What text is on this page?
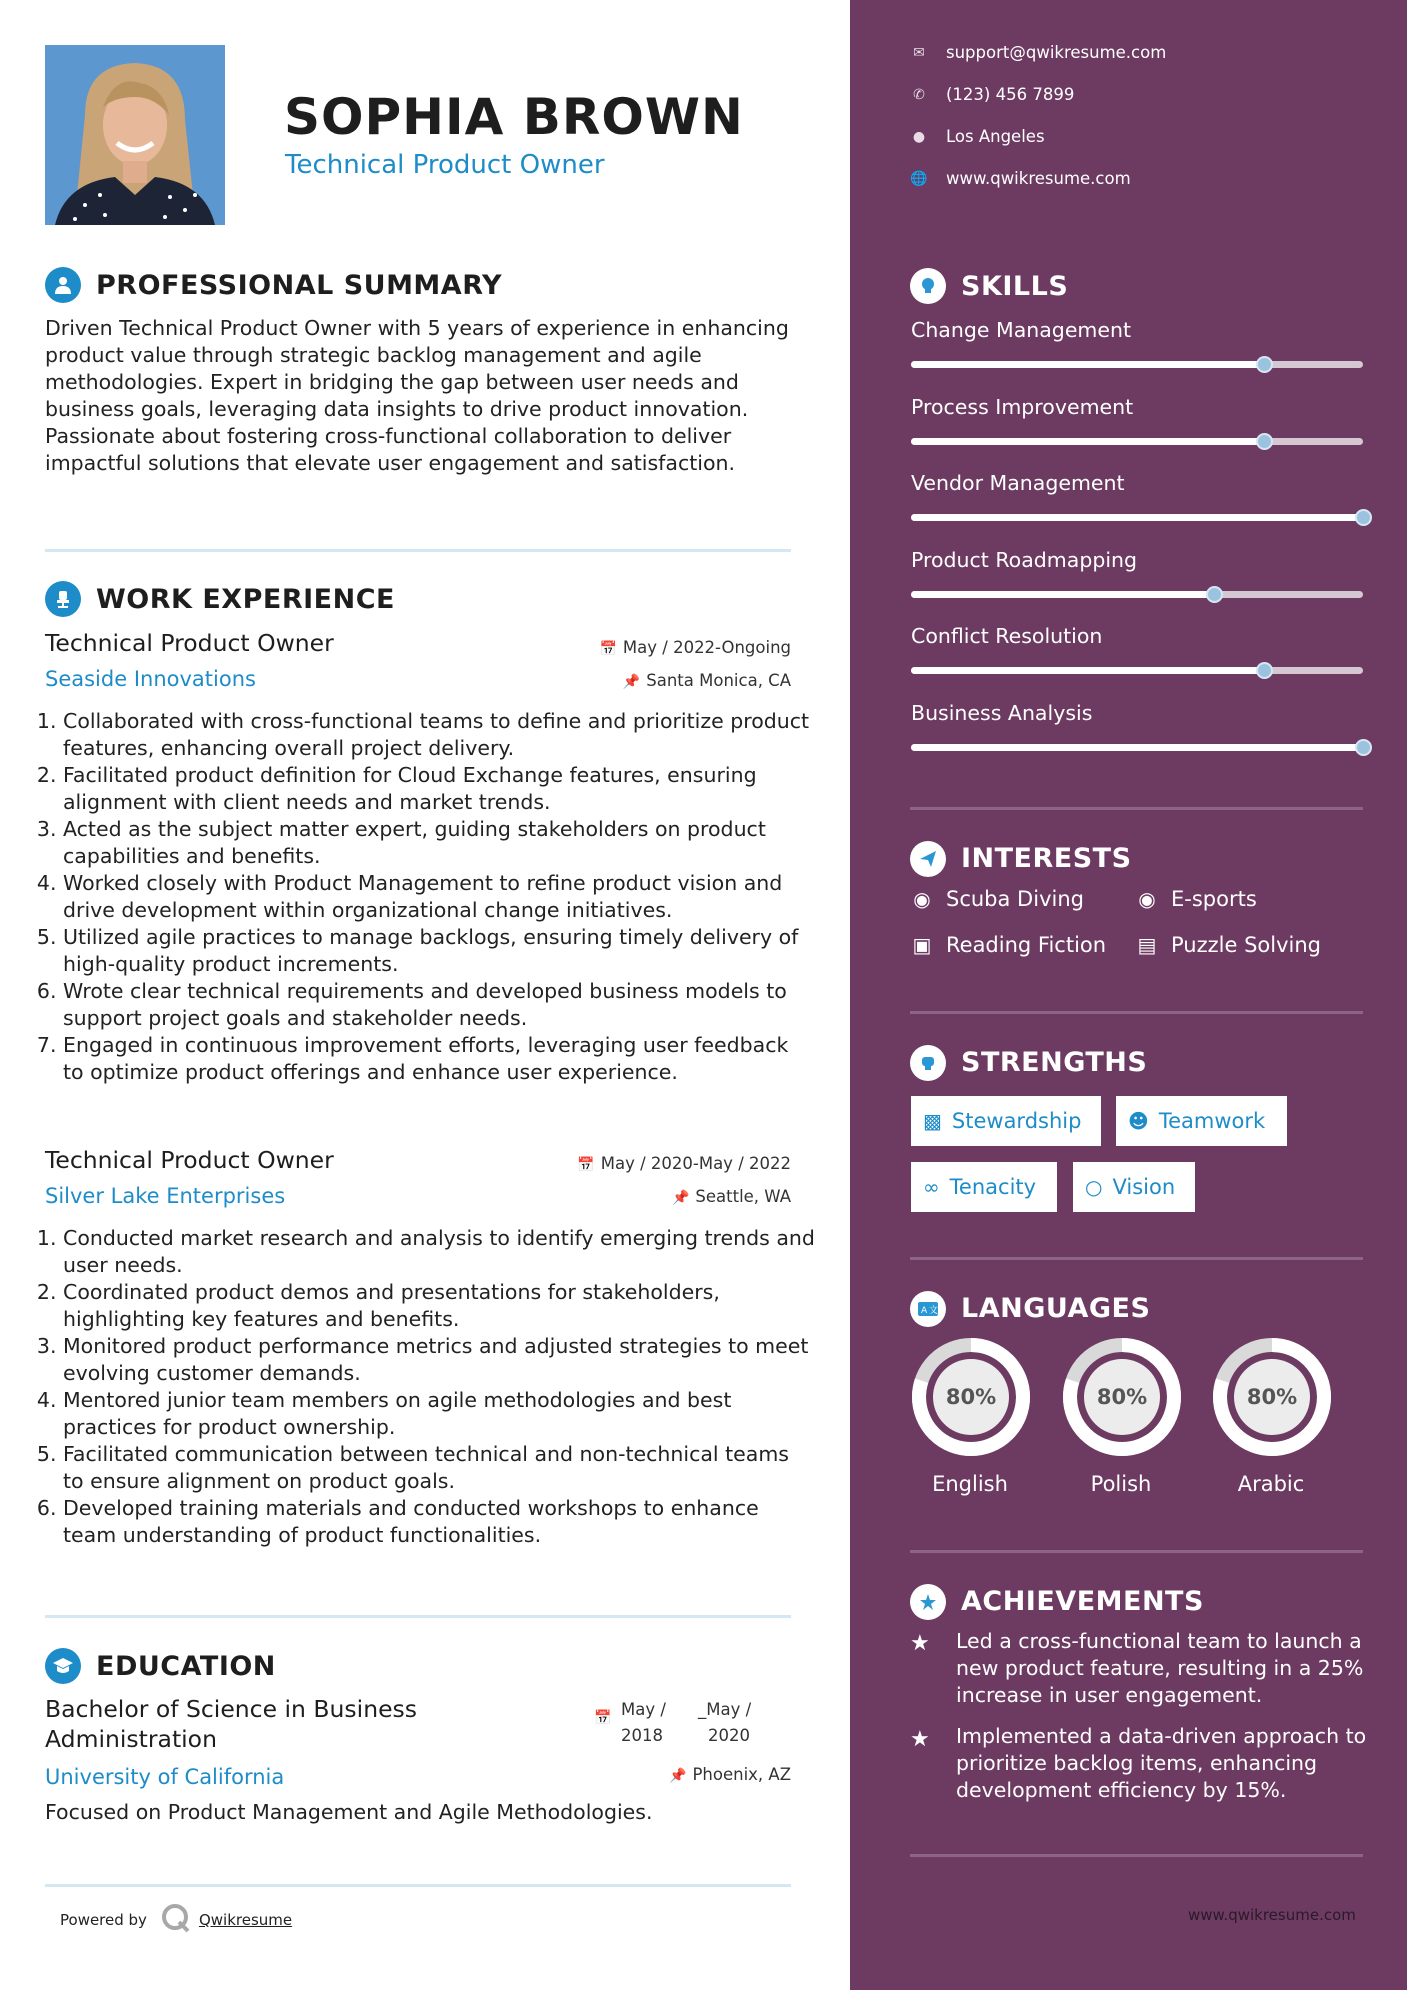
SOPHIA BROWN
Technical Product Owner
PROFESSIONAL SUMMARY
Driven Technical Product Owner with 5 years of experience in enhancing product value through strategic backlog management and agile methodologies. Expert in bridging the gap between user needs and business goals, leveraging data insights to drive product innovation. Passionate about fostering cross-functional collaboration to deliver impactful solutions that elevate user engagement and satisfaction.
WORK EXPERIENCE
Technical Product Owner
Seaside Innovations
📅 May / 2022-Ongoing
📌 Santa Monica, CA
1. Collaborated with cross-functional teams to define and prioritize product features, enhancing overall project delivery.
2. Facilitated product definition for Cloud Exchange features, ensuring alignment with client needs and market trends.
3. Acted as the subject matter expert, guiding stakeholders on product capabilities and benefits.
4. Worked closely with Product Management to refine product vision and drive development within organizational change initiatives.
5. Utilized agile practices to manage backlogs, ensuring timely delivery of high-quality product increments.
6. Wrote clear technical requirements and developed business models to support project goals and stakeholder needs.
7. Engaged in continuous improvement efforts, leveraging user feedback to optimize product offerings and enhance user experience.
Technical Product Owner
Silver Lake Enterprises
📅 May / 2020-May / 2022
📌 Seattle, WA
1. Conducted market research and analysis to identify emerging trends and user needs.
2. Coordinated product demos and presentations for stakeholders, highlighting key features and benefits.
3. Monitored product performance metrics and adjusted strategies to meet evolving customer demands.
4. Mentored junior team members on agile methodologies and best practices for product ownership.
5. Facilitated communication between technical and non-technical teams to ensure alignment on product goals.
6. Developed training materials and conducted workshops to enhance team understanding of product functionalities.
EDUCATION
Bachelor of Science in Business
Administration
University of California
📅 May /
2018
_May /
2020
📌 Phoenix, AZ
Focused on Product Management and Agile Methodologies.
Powered by	Qwikresume
✉ support@qwikresume.com
✆ (123) 456 7899
● Los Angeles
🌐 www.qwikresume.com
SKILLS
Change Management
Process Improvement
Vendor Management
Product Roadmapping
Conflict Resolution
Business Analysis
INTERESTS
◉ Scuba Diving	◉ E-sports
▣ Reading Fiction ▤ Puzzle Solving
STRENGTHS
▩ Stewardship ☻ Teamwork
∞ Tenacity ○ Vision
A 文 LANGUAGES
80%
English
80%
Polish
80%
Arabic
ACHIEVEMENTS
★ Led a cross-functional team to launch a new product feature, resulting in a 25% increase in user engagement.
★ Implemented a data-driven approach to prioritize backlog items, enhancing development efficiency by 15%.
www.qwikresume.com
